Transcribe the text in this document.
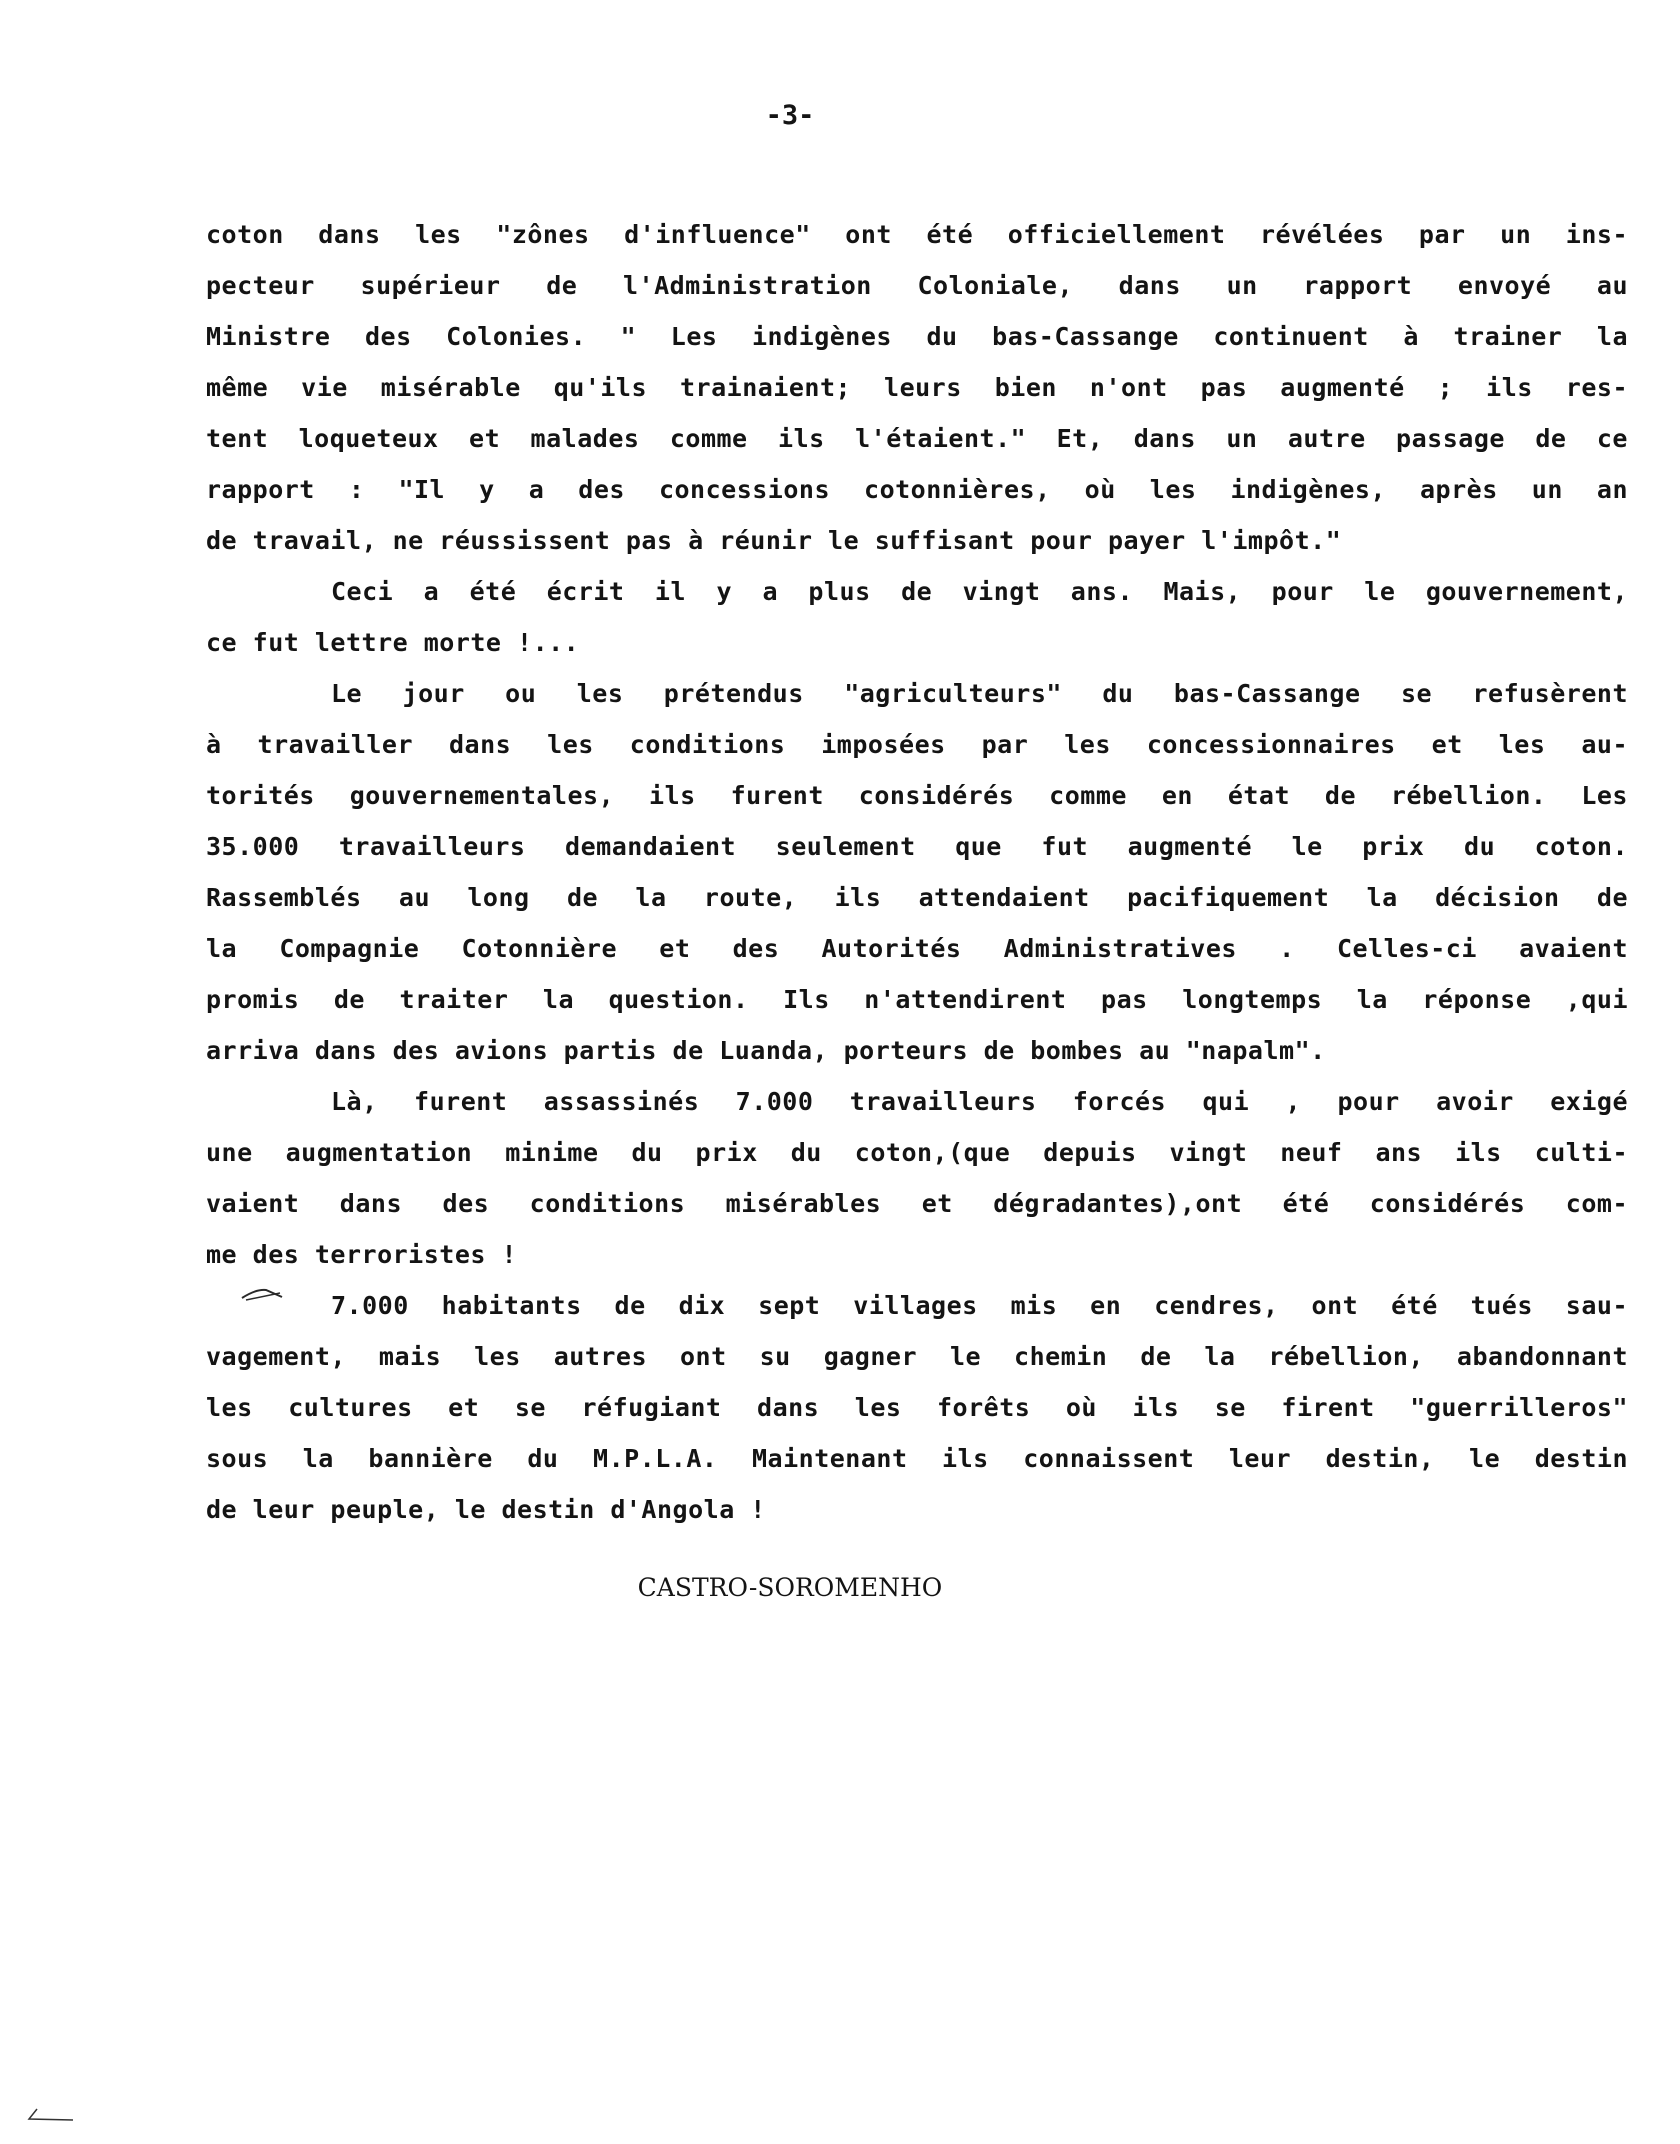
-3-
coton dans les "zônes d'influence" ont été officiellement révélées par un ins-
pecteur supérieur de l'Administration Coloniale, dans un rapport envoyé au
Ministre des Colonies. " Les indigènes du bas-Cassange continuent à trainer la
même vie misérable qu'ils trainaient; leurs bien n'ont pas augmenté ; ils res-
tent loqueteux et malades comme ils l'étaient." Et, dans un autre passage de ce
rapport : "Il y a des concessions cotonnières, où les indigènes, après un an
de travail, ne réussissent pas à réunir le suffisant pour payer l'impôt."
Ceci a été écrit il y a plus de vingt ans. Mais, pour le gouvernement,
ce fut lettre morte !...
Le jour ou les prétendus "agriculteurs" du bas-Cassange se refusèrent
à travailler dans les conditions imposées par les concessionnaires et les au-
torités gouvernementales, ils furent considérés comme en état de rébellion. Les
35.000 travailleurs demandaient seulement que fut augmenté le prix du coton.
Rassemblés au long de la route, ils attendaient pacifiquement la décision de
la Compagnie Cotonnière et des Autorités Administratives . Celles-ci avaient
promis de traiter la question. Ils n'attendirent pas longtemps la réponse ,qui
arriva dans des avions partis de Luanda, porteurs de bombes au "napalm".
Là, furent assassinés 7.000 travailleurs forcés qui , pour avoir exigé
une augmentation minime du prix du coton,(que depuis vingt neuf ans ils culti-
vaient dans des conditions misérables et dégradantes),ont été considérés com-
me des terroristes !
7.000 habitants de dix sept villages mis en cendres, ont été tués sau-
vagement, mais les autres ont su gagner le chemin de la rébellion, abandonnant
les cultures et se réfugiant dans les forêts où ils se firent "guerrilleros"
sous la bannière du M.P.L.A. Maintenant ils connaissent leur destin, le destin
de leur peuple, le destin d'Angola !
CASTRO-SOROMENHO
